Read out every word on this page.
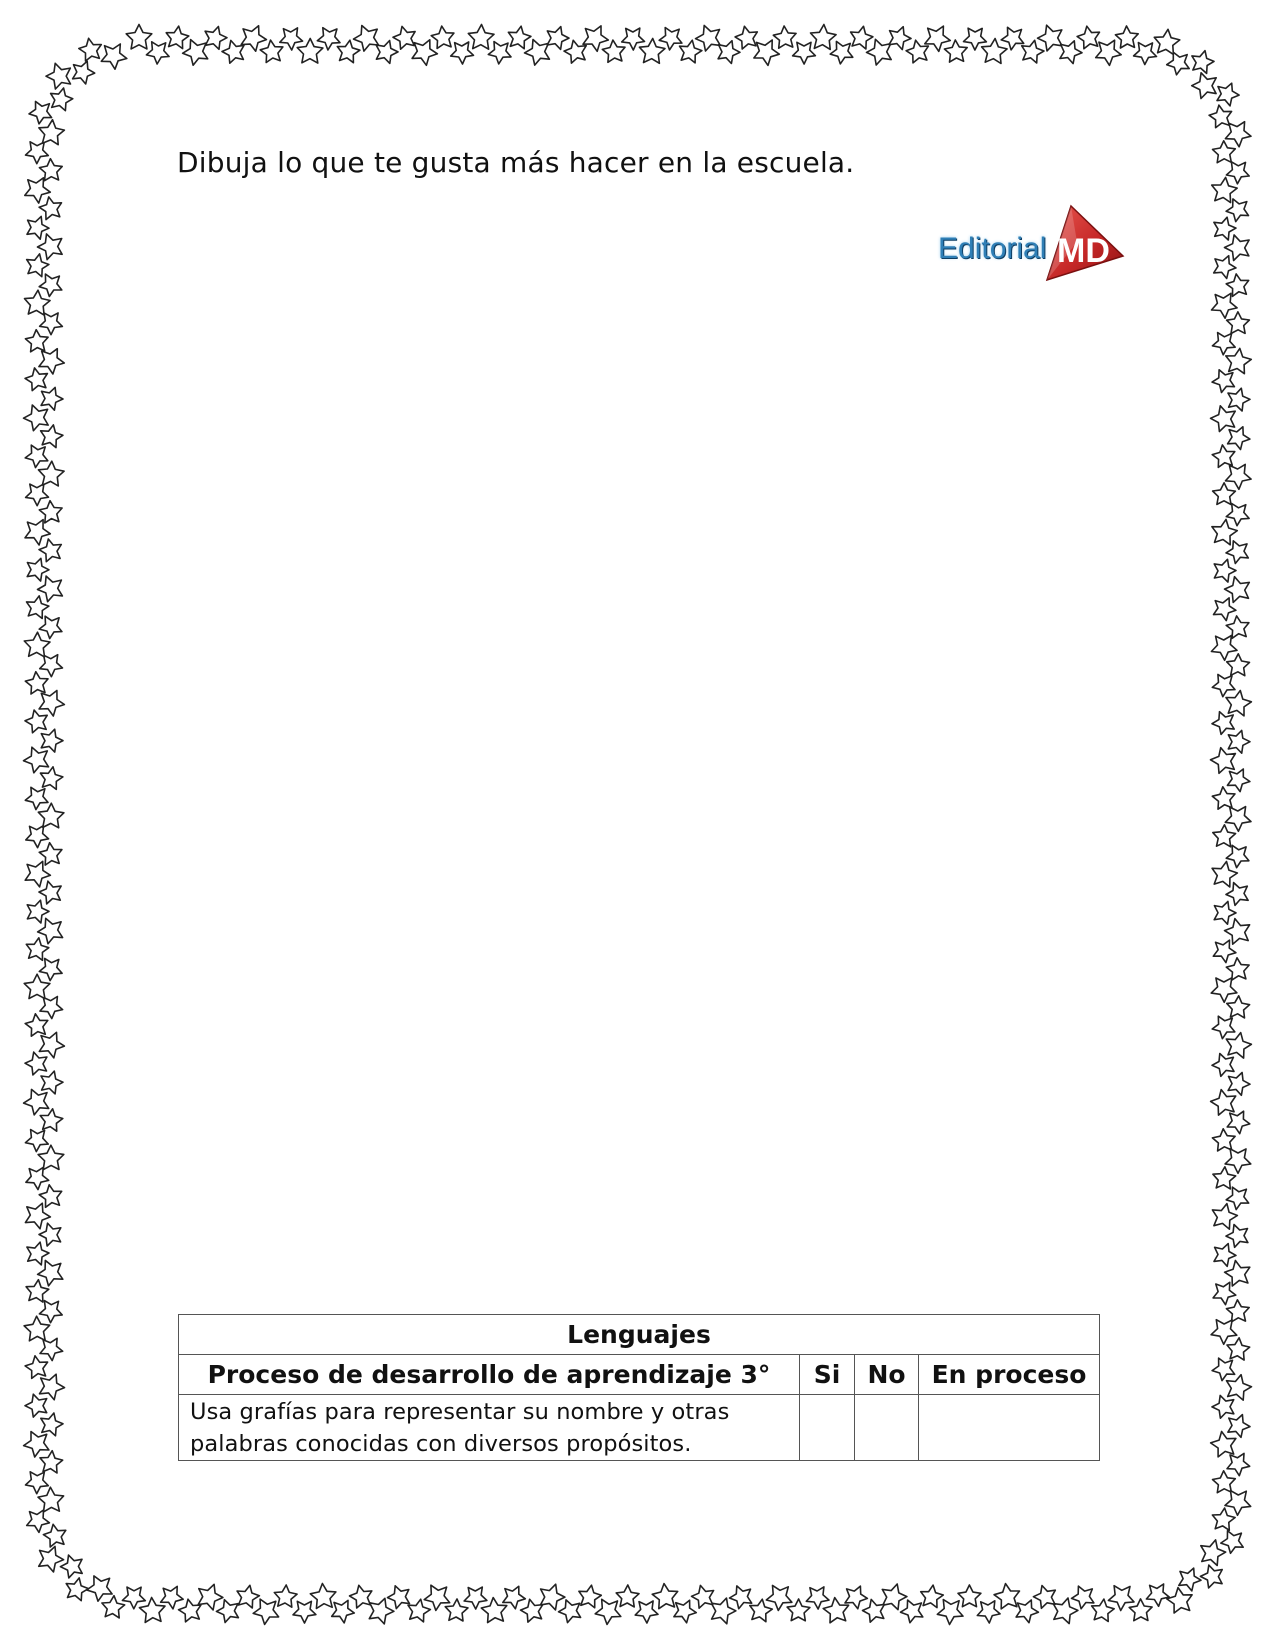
Dibuja lo que te gusta más hacer en la escuela.
Editorial MD
Lenguajes			
Proceso de desarrollo de aprendizaje 3°	Si	No	En proceso
Usa grafías para representar su nombre y otras palabras conocidas con diversos propósitos.			
